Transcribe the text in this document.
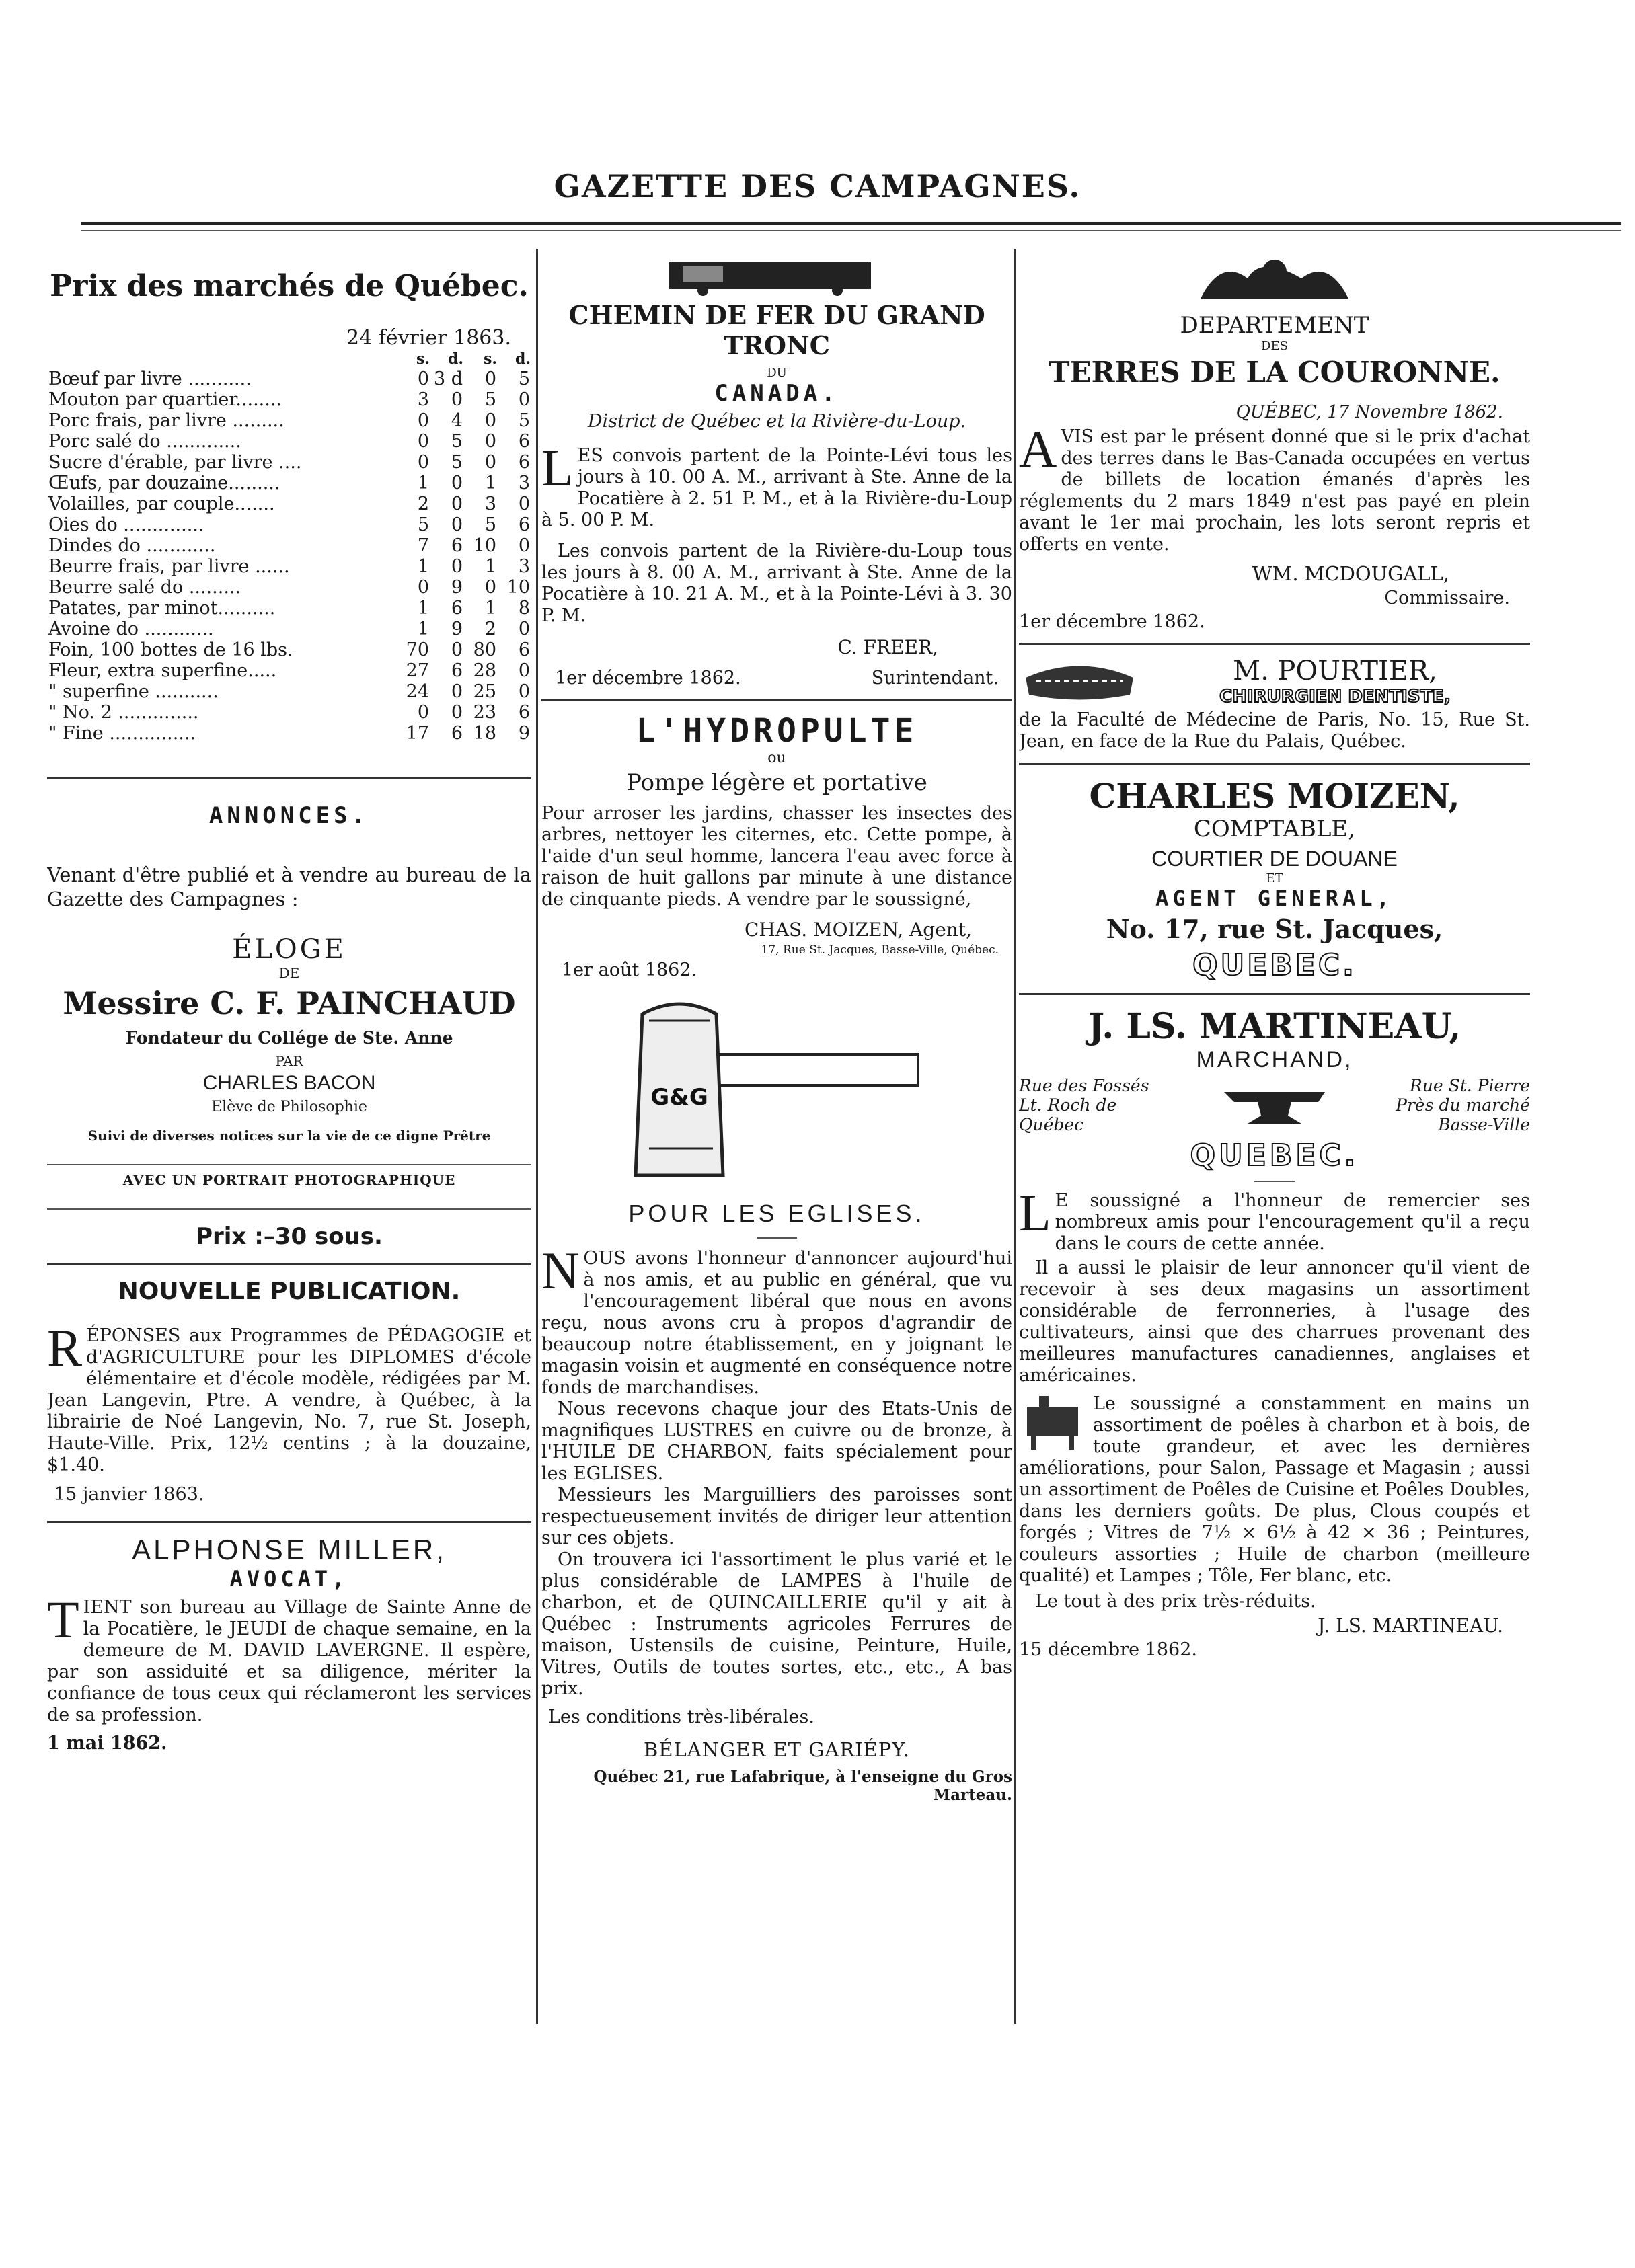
GAZETTE DES CAMPAGNES.
Prix des marchés de Québec.
24 février 1863.
	s.	d.	s.	d.
Bœuf par livre ...........	0	3 d	0	5
Mouton par quartier........	3	0	5	0
Porc frais, par livre .........	0	4	0	5
Porc salé do .............	0	5	0	6
Sucre d'érable, par livre ....	0	5	0	6
Œufs, par douzaine.........	1	0	1	3
Volailles, par couple.......	2	0	3	0
Oies do ..............	5	0	5	6
Dindes do ............	7	6	10	0
Beurre frais, par livre ......	1	0	1	3
Beurre salé do .........	0	9	0	10
Patates, par minot..........	1	6	1	8
Avoine do ............	1	9	2	0
Foin, 100 bottes de 16 lbs.	70	0	80	6
Fleur, extra superfine.....	27	6	28	0
" superfine ...........	24	0	25	0
" No. 2 ..............	0	0	23	6
" Fine ...............	17	6	18	9
ANNONCES.
Venant d'être publié et à vendre au bureau de la Gazette des Campagnes :
ÉLOGE
DE
Messire C. F. PAINCHAUD
Fondateur du Collége de Ste. Anne
PAR
CHARLES BACON
Elève de Philosophie
Suivi de diverses notices sur la vie de ce digne Prêtre
AVEC UN PORTRAIT PHOTOGRAPHIQUE
Prix :–30 sous.
NOUVELLE PUBLICATION.
RÉPONSES aux Programmes de PÉDAGOGIE et d'AGRICULTURE pour les DIPLOMES d'école élémentaire et d'école modèle, rédigées par M. Jean Langevin, Ptre. A vendre, à Québec, à la librairie de Noé Langevin, No. 7, rue St. Joseph, Haute-Ville. Prix, 12½ centins ; à la douzaine, $1.40.
15 janvier 1863.
ALPHONSE MILLER,
AVOCAT,
TIENT son bureau au Village de Sainte Anne de la Pocatière, le JEUDI de chaque semaine, en la demeure de M. DAVID LAVERGNE. Il espère, par son assiduité et sa diligence, mériter la confiance de tous ceux qui réclameront les services de sa profession.
1 mai 1862.
CHEMIN DE FER DU GRAND TRONC
DU
CANADA.
District de Québec et la Rivière-du-Loup.
LES convois partent de la Pointe-Lévi tous les jours à 10. 00 A. M., arrivant à Ste. Anne de la Pocatière à 2. 51 P. M., et à la Rivière-du-Loup à 5. 00 P. M.
Les convois partent de la Rivière-du-Loup tous les jours à 8. 00 A. M., arrivant à Ste. Anne de la Pocatière à 10. 21 A. M., et à la Pointe-Lévi à 3. 30 P. M.
C. FREER,
1er décembre 1862.	Surintendant.
L'HYDROPULTE
ou
Pompe légère et portative
Pour arroser les jardins, chasser les insectes des arbres, nettoyer les citernes, etc. Cette pompe, à l'aide d'un seul homme, lancera l'eau avec force à raison de huit gallons par minute à une distance de cinquante pieds. A vendre par le soussigné,
CHAS. MOIZEN, Agent,
17, Rue St. Jacques, Basse-Ville, Québec.
1er août 1862.
G&G
POUR LES EGLISES.
NOUS avons l'honneur d'annoncer aujourd'hui à nos amis, et au public en général, que vu l'encouragement libéral que nous en avons reçu, nous avons cru à propos d'agrandir de beaucoup notre établissement, en y joignant le magasin voisin et augmenté en conséquence notre fonds de marchandises.
Nous recevons chaque jour des Etats-Unis de magnifiques LUSTRES en cuivre ou de bronze, à l'HUILE DE CHARBON, faits spécialement pour les EGLISES.
Messieurs les Marguilliers des paroisses sont respectueusement invités de diriger leur attention sur ces objets.
On trouvera ici l'assortiment le plus varié et le plus considérable de LAMPES à l'huile de charbon, et de QUINCAILLERIE qu'il y ait à Québec : Instruments agricoles Ferrures de maison, Ustensils de cuisine, Peinture, Huile, Vitres, Outils de toutes sortes, etc., etc., A bas prix.
Les conditions très-libérales.
BÉLANGER ET GARIÉPY.
Québec 21, rue Lafabrique, à l'enseigne du Gros Marteau.
DEPARTEMENT
DES
TERRES DE LA COURONNE.
QUÉBEC, 17 Novembre 1862.
AVIS est par le présent donné que si le prix d'achat des terres dans le Bas-Canada occupées en vertus de billets de location émanés d'après les réglements du 2 mars 1849 n'est pas payé en plein avant le 1er mai prochain, les lots seront repris et offerts en vente.
WM. MCDOUGALL,
Commissaire.
1er décembre 1862.
M. POURTIER,
CHIRURGIEN DENTISTE,
de la Faculté de Médecine de Paris, No. 15, Rue St. Jean, en face de la Rue du Palais, Québec.
CHARLES MOIZEN,
COMPTABLE,
COURTIER DE DOUANE
ET
AGENT GENERAL,
No. 17, rue St. Jacques,
QUEBEC.
J. LS. MARTINEAU,
MARCHAND,
Rue des Fossés
Lt. Roch de Québec
Rue St. Pierre
Près du marché Basse-Ville
QUEBEC.
L E soussigné a l'honneur de remercier ses nombreux amis pour l'encouragement qu'il a reçu dans le cours de cette année.
Il a aussi le plaisir de leur annoncer qu'il vient de recevoir à ses deux magasins un assortiment considérable de ferronneries, à l'usage des cultivateurs, ainsi que des charrues provenant des meilleures manufactures canadiennes, anglaises et américaines.
Le soussigné a constamment en mains un assortiment de poêles à charbon et à bois, de toute grandeur, et avec les dernières améliorations, pour Salon, Passage et Magasin ; aussi un assortiment de Poêles de Cuisine et Poêles Doubles, dans les derniers goûts. De plus, Clous coupés et forgés ; Vitres de 7½ × 6½ à 42 × 36 ; Peintures, couleurs assorties ; Huile de charbon (meilleure qualité) et Lampes ; Tôle, Fer blanc, etc.
Le tout à des prix très-réduits.
J. LS. MARTINEAU.
15 décembre 1862.
